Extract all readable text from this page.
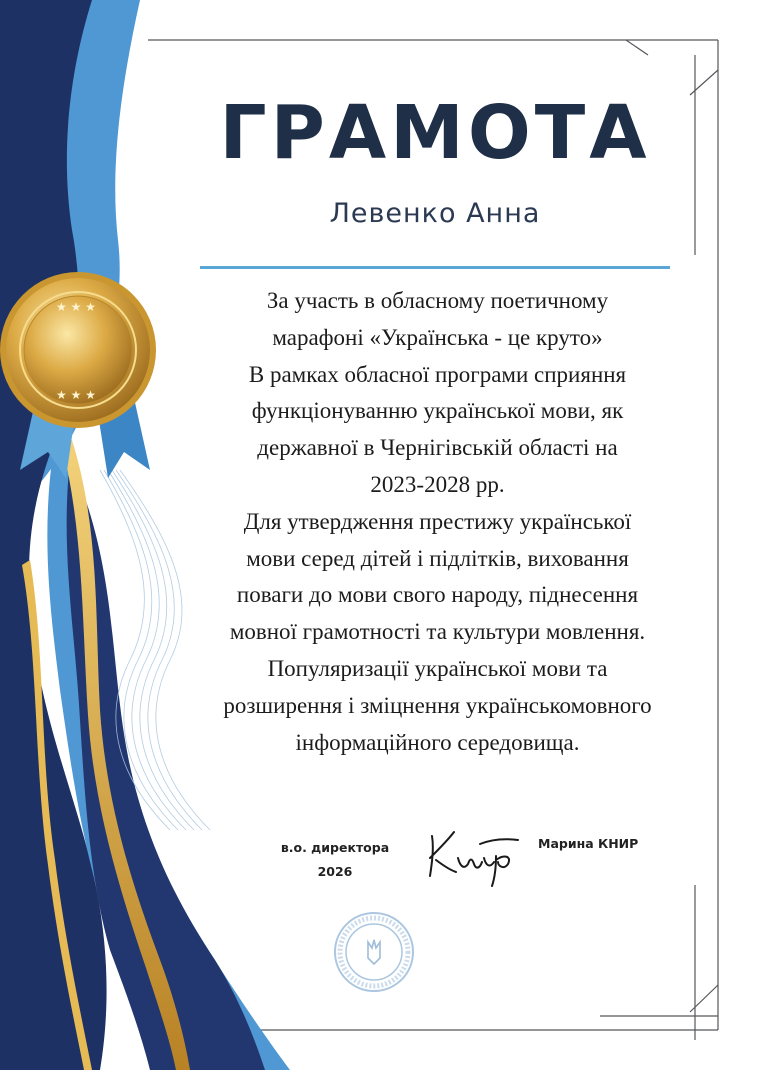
★ ★ ★
★ ★ ★
ГРАМОТА
Левенко Анна
За участь в обласному поетичному
марафоні «Українська - це круто»
В рамках обласної програми сприяння
функціонуванню української мови, як
державної в Чернігівській області на
2023-2028 рр.
Для утвердження престижу української
мови серед дітей і підлітків, виховання
поваги до мови свого народу, піднесення
мовної грамотності та культури мовлення.
Популяризації української мови та
розширення і зміцнення українськомовного
інформаційного середовища.
в.о. директора
2026
Марина КНИР
